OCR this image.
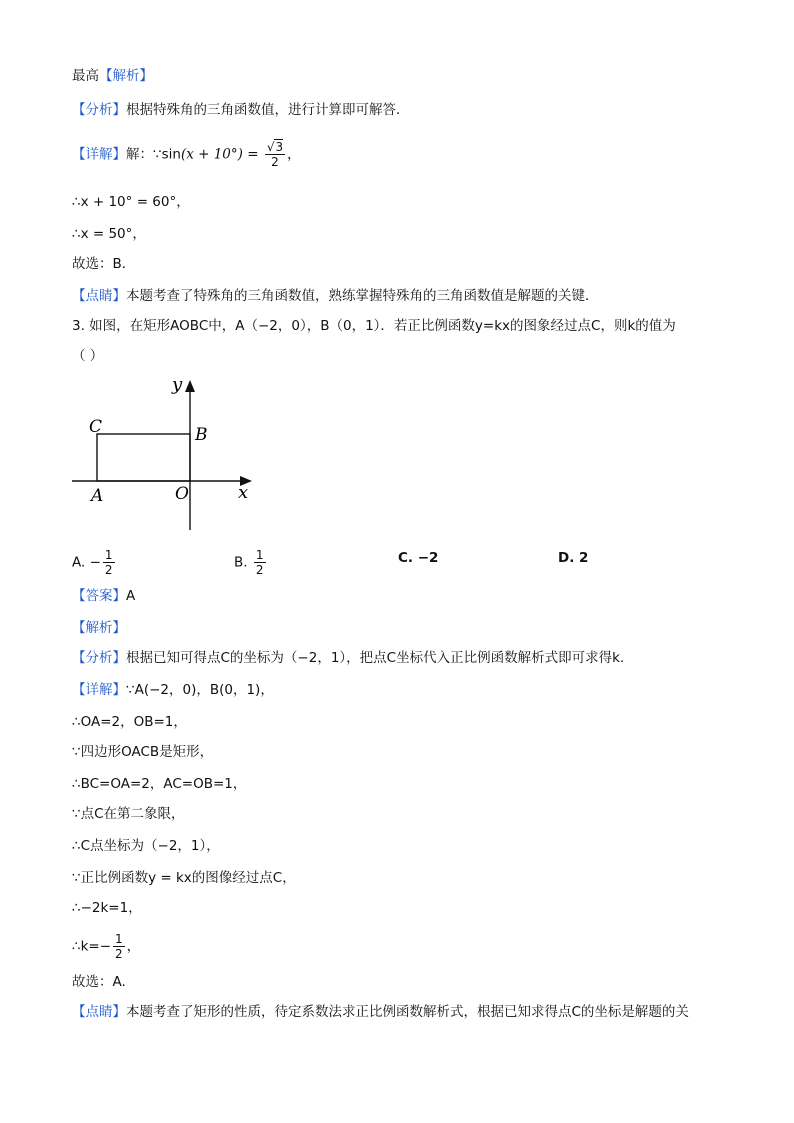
最高【解析】
【分析】根据特殊角的三角函数值，进行计算即可解答．
【详解】解：∵sin(x + $10^\circ) = \frac{√3}{2}$ ，
∴x + 10° = 60°，
∴x = 50°，
故选：B．
【点睛】本题考查了特殊角的三角函数值，熟练掌握特殊角的三角函数值是解题的关键．
3. 如图，在矩形AOBC中，A（−2，0），B（0，1）．若正比例函数y=kx的图象经过点C，则k的值为
（ ）
y
x
C	B
A	O
A. − $\frac{1}{2}$	B. $\frac{1}{2}$	C. −2	D. 2
【答案】A
【解析】
【分析】根据已知可得点C的坐标为（−2，1），把点C坐标代入正比例函数解析式即可求得k.
【详解】∵A(−2，0)，B(0，1)，
∴OA=2，OB=1，
∵四边形OACB是矩形，
∴BC=OA=2，AC=OB=1，
∵点C在第二象限，
∴C点坐标为（−2，1），
∵正比例函数y = kx的图像经过点C，
∴−2k=1，
∴k=− $\frac{1}{2}$ ，
故选：A.
【点睛】本题考查了矩形的性质，待定系数法求正比例函数解析式，根据已知求得点C的坐标是解题的关
